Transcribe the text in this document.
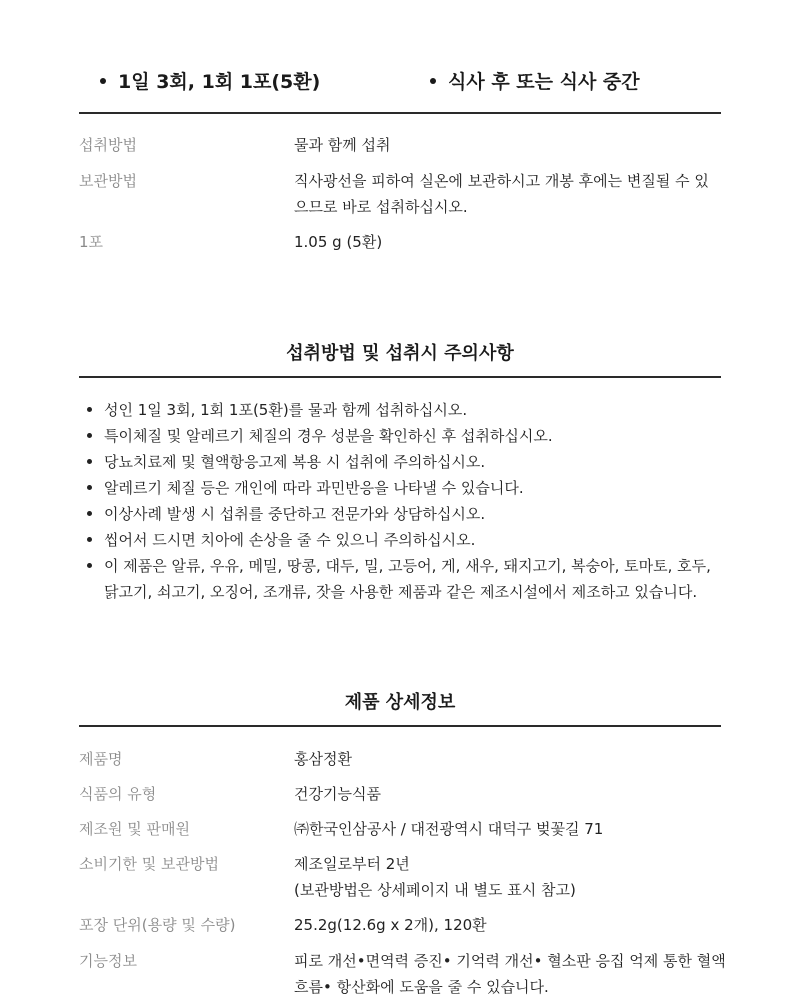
1일 3회, 1회 1포(5환)	식사 후 또는 식사 중간
섭취방법	물과 함께 섭취
보관방법	직사광선을 피하여 실온에 보관하시고 개봉 후에는 변질될 수 있
으므로 바로 섭취하십시오.
1포	1.05 g (5환)
섭취방법 및 섭취시 주의사항
성인 1일 3회, 1회 1포(5환)를 물과 함께 섭취하십시오.
특이체질 및 알레르기 체질의 경우 성분을 확인하신 후 섭취하십시오.
당뇨치료제 및 혈액항응고제 복용 시 섭취에 주의하십시오.
알레르기 체질 등은 개인에 따라 과민반응을 나타낼 수 있습니다.
이상사례 발생 시 섭취를 중단하고 전문가와 상담하십시오.
씹어서 드시면 치아에 손상을 줄 수 있으니 주의하십시오.
이 제품은 알류, 우유, 메밀, 땅콩, 대두, 밀, 고등어, 게, 새우, 돼지고기, 복숭아, 토마토, 호두,
닭고기, 쇠고기, 오징어, 조개류, 잣을 사용한 제품과 같은 제조시설에서 제조하고 있습니다.
제품 상세정보
제품명	홍삼정환
식품의 유형	건강기능식품
제조원 및 판매원	㈜한국인삼공사 / 대전광역시 대덕구 벚꽃길 71
소비기한 및 보관방법	제조일로부터 2년
(보관방법은 상세페이지 내 별도 표시 참고)
포장 단위(용량 및 수량)	25.2g(12.6g x 2개), 120환
기능정보	피로 개선•면역력 증진• 기억력 개선• 혈소판 응집 억제 통한 혈액
흐름• 항산화에 도움을 줄 수 있습니다.
